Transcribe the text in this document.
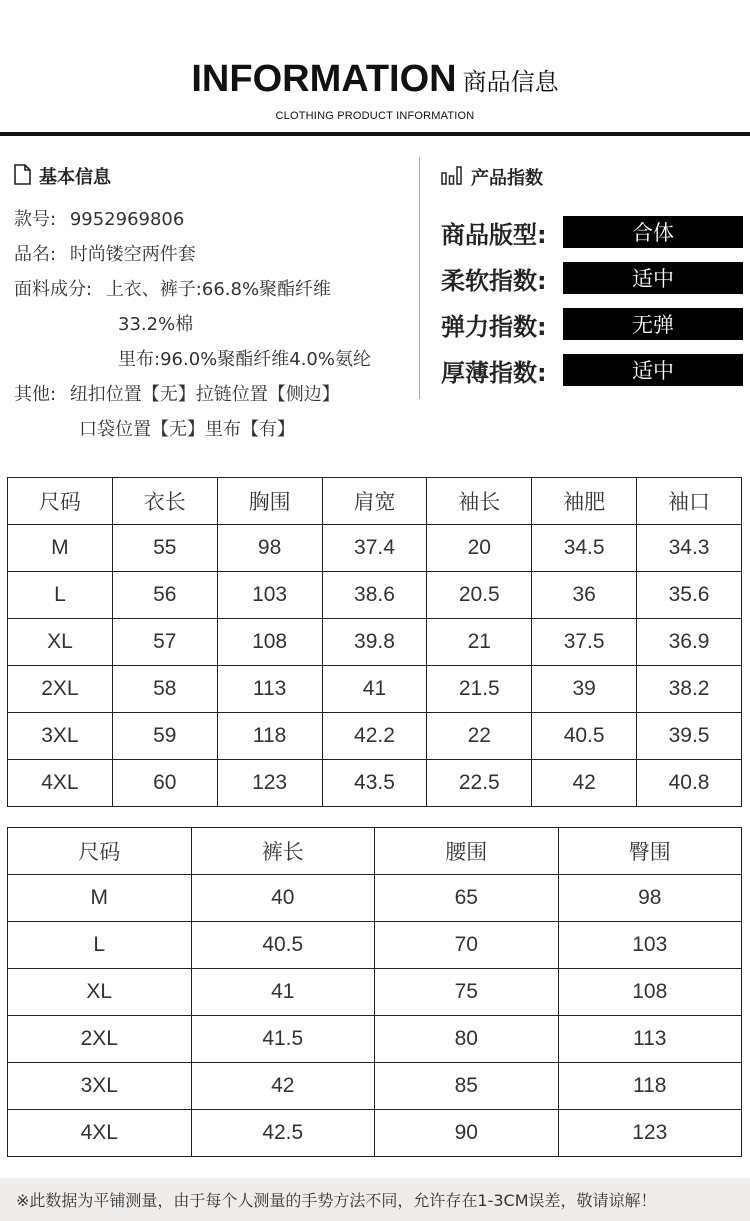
INFORMATION 商品信息
CLOTHING PRODUCT INFORMATION
基本信息
款号: 9952969806
品名: 时尚镂空两件套
面料成分: 上衣、裤子:66.8%聚酯纤维
33.2%棉
里布:96.0%聚酯纤维4.0%氨纶
其他: 纽扣位置【无】拉链位置【侧边】
口袋位置【无】里布【有】
产品指数
商品版型:	合体
柔软指数:	适中
弹力指数:	无弹
厚薄指数:	适中
尺码	衣长	胸围	肩宽	袖长	袖肥	袖口
M	55	98	37.4	20	34.5	34.3
L	56	103	38.6	20.5	36	35.6
XL	57	108	39.8	21	37.5	36.9
2XL	58	113	41	21.5	39	38.2
3XL	59	118	42.2	22	40.5	39.5
4XL	60	123	43.5	22.5	42	40.8
尺码	裤长	腰围	臀围
M	40	65	98
L	40.5	70	103
XL	41	75	108
2XL	41.5	80	113
3XL	42	85	118
4XL	42.5	90	123
※此数据为平铺测量，由于每个人测量的手势方法不同，允许存在1-3CM误差，敬请谅解！
